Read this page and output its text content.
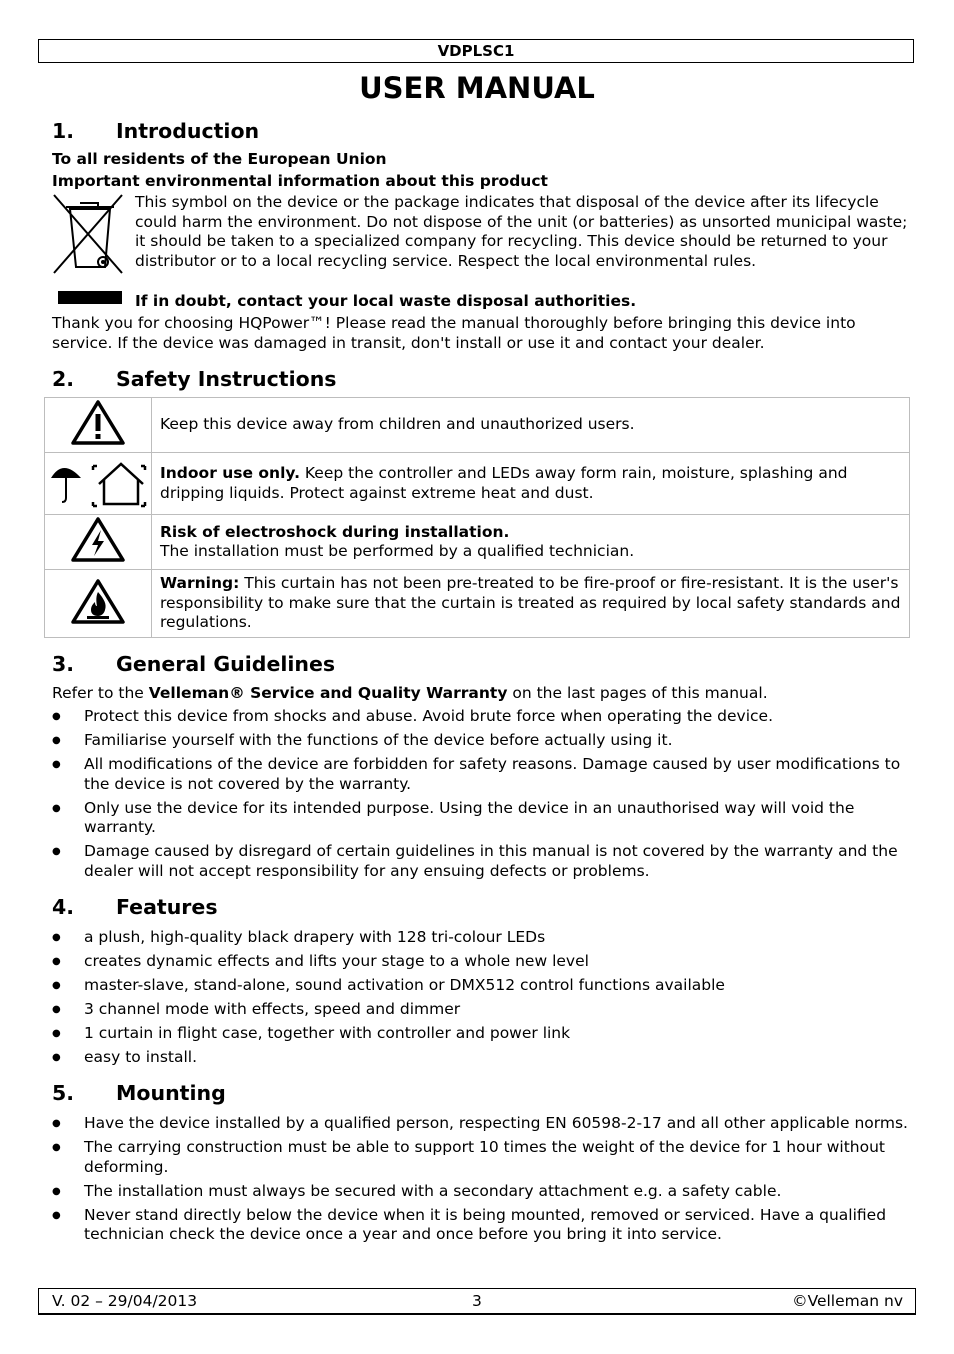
VDPLSC1
USER MANUAL
1. Introduction
To all residents of the European Union
Important environmental information about this product
This symbol on the device or the package indicates that disposal of the device after its lifecycle could harm the environment. Do not dispose of the unit (or batteries) as unsorted municipal waste; it should be taken to a specialized company for recycling. This device should be returned to your distributor or to a local recycling service. Respect the local environmental rules.
If in doubt, contact your local waste disposal authorities.
Thank you for choosing HQPower™! Please read the manual thoroughly before bringing this device into service. If the device was damaged in transit, don't install or use it and contact your dealer.
2. Safety Instructions
	Keep this device away from children and unauthorized users.
	Indoor use only. Keep the controller and LEDs away form rain, moisture, splashing and dripping liquids. Protect against extreme heat and dust.
	Risk of electroshock during installation.
The installation must be performed by a qualified technician.
	Warning: This curtain has not been pre-treated to be fire-proof or fire-resistant. It is the user's responsibility to make sure that the curtain is treated as required by local safety standards and regulations.
3. General Guidelines
Refer to the Velleman® Service and Quality Warranty on the last pages of this manual.
● Protect this device from shocks and abuse. Avoid brute force when operating the device.
● Familiarise yourself with the functions of the device before actually using it.
● All modifications of the device are forbidden for safety reasons. Damage caused by user modifications to the device is not covered by the warranty.
● Only use the device for its intended purpose. Using the device in an unauthorised way will void the warranty.
● Damage caused by disregard of certain guidelines in this manual is not covered by the warranty and the dealer will not accept responsibility for any ensuing defects or problems.
4. Features
● a plush, high-quality black drapery with 128 tri-colour LEDs
● creates dynamic effects and lifts your stage to a whole new level
● master-slave, stand-alone, sound activation or DMX512 control functions available
● 3 channel mode with effects, speed and dimmer
● 1 curtain in flight case, together with controller and power link
● easy to install.
5. Mounting
● Have the device installed by a qualified person, respecting EN 60598-2-17 and all other applicable norms.
● The carrying construction must be able to support 10 times the weight of the device for 1 hour without deforming.
● The installation must always be secured with a secondary attachment e.g. a safety cable.
● Never stand directly below the device when it is being mounted, removed or serviced. Have a qualified technician check the device once a year and once before you bring it into service.
V. 02 – 29/04/2013	3	©Velleman nv
